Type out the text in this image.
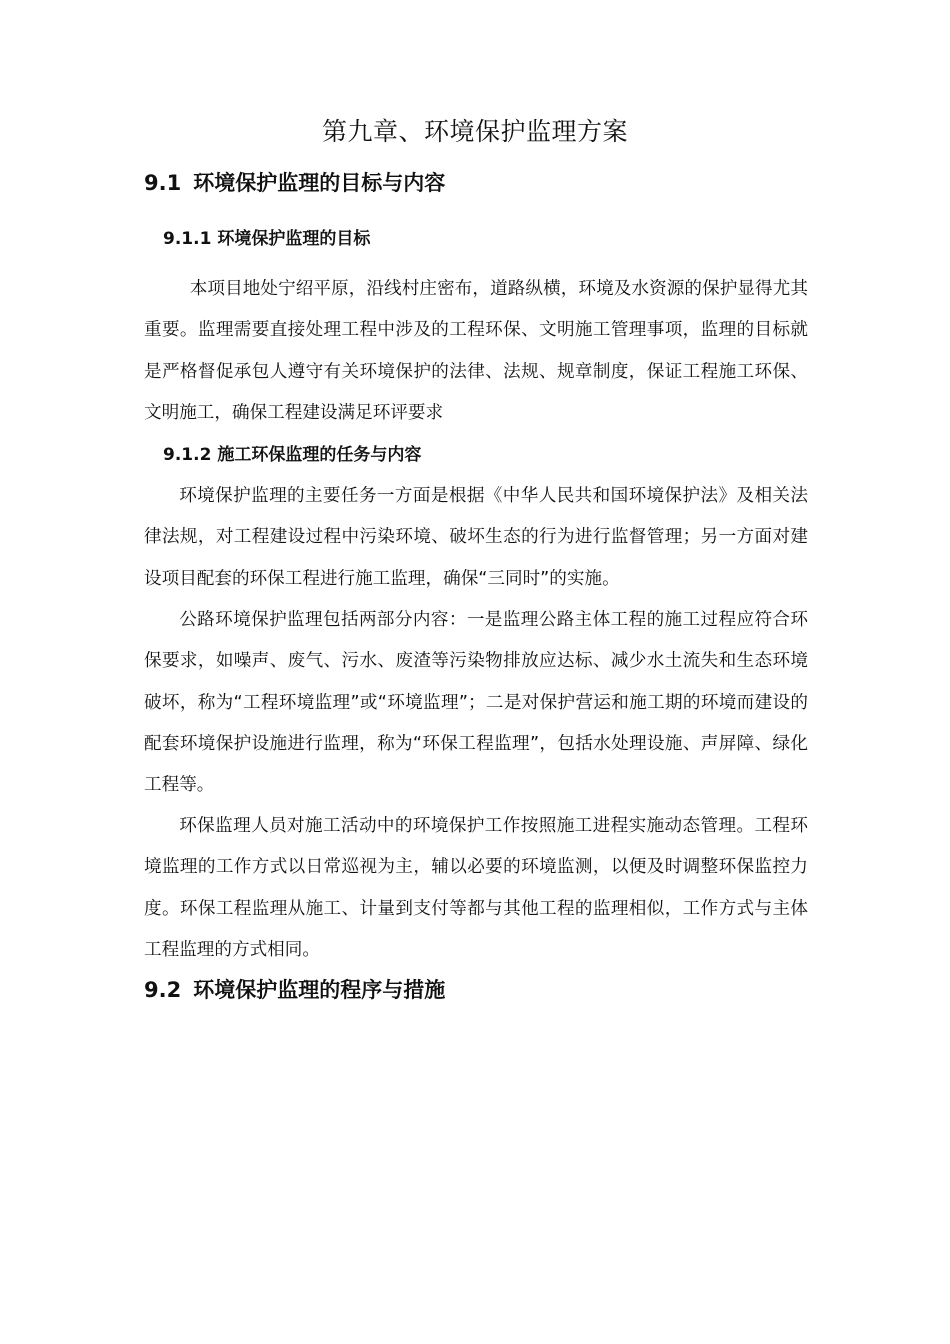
第九章、环境保护监理方案
9.1 环境保护监理的目标与内容
9.1.1 环境保护监理的目标

本项目地处宁绍平原，沿线村庄密布，道路纵横，环境及水资源的保护显得尤其重要。监理需要直接处理工程中涉及的工程环保、文明施工管理事项，监理的目标就是严格督促承包人遵守有关环境保护的法律、法规、规章制度，保证工程施工环保、文明施工，确保工程建设满足环评要求

9.1.2 施工环保监理的任务与内容

环境保护监理的主要任务一方面是根据《中华人民共和国环境保护法》及相关法律法规，对工程建设过程中污染环境、破坏生态的行为进行监督管理；另一方面对建设项目配套的环保工程进行施工监理，确保“三同时”的实施。

公路环境保护监理包括两部分内容：一是监理公路主体工程的施工过程应符合环保要求，如噪声、废气、污水、废渣等污染物排放应达标、减少水土流失和生态环境破坏，称为“工程环境监理”或“环境监理”；二是对保护营运和施工期的环境而建设的配套环境保护设施进行监理，称为“环保工程监理”，包括水处理设施、声屏障、绿化工程等。

环保监理人员对施工活动中的环境保护工作按照施工进程实施动态管理。工程环境监理的工作方式以日常巡视为主，辅以必要的环境监测，以便及时调整环保监控力度。环保工程监理从施工、计量到支付等都与其他工程的监理相似，工作方式与主体工程监理的方式相同。

9.2 环境保护监理的程序与措施
